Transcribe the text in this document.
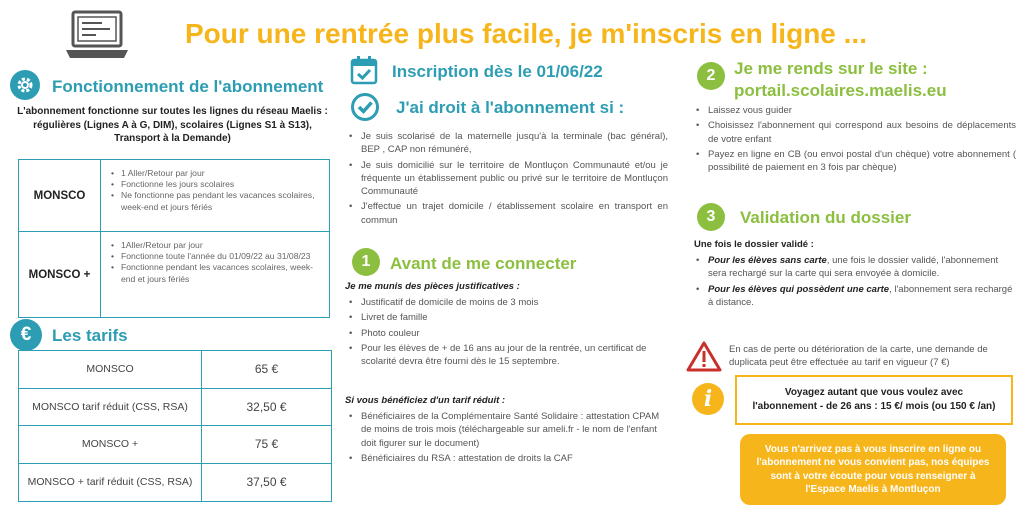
Pour une rentrée plus facile, je m'inscris en ligne ...
Fonctionnement de l'abonnement
L'abonnement fonctionne sur toutes les lignes du réseau Maelis : régulières (Lignes A à G, DIM), scolaires (Lignes S1 à S13), Transport à la Demande)
MONSCO
• 1 Aller/Retour par jour
• Fonctionne les jours scolaires
• Ne fonctionne pas pendant les vacances scolaires, week-end et jours fériés
MONSCO +
• 1Aller/Retour par jour
• Fonctionne toute l'année du 01/09/22 au 31/08/23
• Fonctionne pendant les vacances scolaires, week-end et jours fériés
€	Les tarifs
MONSCO	65 €
MONSCO tarif réduit (CSS, RSA)	32,50 €
MONSCO +	75 €
MONSCO + tarif réduit (CSS, RSA)	37,50 €
Inscription dès le 01/06/22
J'ai droit à l'abonnement si :
• Je suis scolarisé de la maternelle jusqu'à la terminale (bac général), BEP , CAP non rémunéré,
• Je suis domicilié sur le territoire de Montluçon Communauté et/ou je fréquente un établissement public ou privé sur le territoire de Montluçon Communauté
• J'effectue un trajet domicile / établissement scolaire en transport en commun
1	Avant de me connecter
Je me munis des pièces justificatives :
• Justificatif de domicile de moins de 3 mois
• Livret de famille
• Photo couleur
• Pour les élèves de + de 16 ans au jour de la rentrée, un certificat de scolarité devra être fourni dès le 15 septembre.
Si vous bénéficiez d'un tarif réduit :
• Bénéficiaires de la Complémentaire Santé Solidaire : attestation CPAM de moins de trois mois (téléchargeable sur ameli.fr - le nom de l'enfant doit figurer sur le document)
• Bénéficiaires du RSA : attestation de droits la CAF
2	Je me rends sur le site :
portail.scolaires.maelis.eu
• Laissez vous guider
• Choisissez l'abonnement qui correspond aux besoins de déplacements de votre enfant
• Payez en ligne en CB (ou envoi postal d'un chèque) votre abonnement ( possibilité de paiement en 3 fois par chèque)
3	Validation du dossier
Une fois le dossier validé :
• Pour les élèves sans carte, une fois le dossier validé, l'abonnement sera rechargé sur la carte qui sera envoyée à domicile.
• Pour les élèves qui possèdent une carte, l'abonnement sera rechargé à distance.
En cas de perte ou détérioration de la carte, une demande de duplicata peut être effectuée au tarif en vigueur (7 €)
i	Voyagez autant que vous voulez avec
l'abonnement - de 26 ans : 15 €/ mois (ou 150 € /an)
Vous n'arrivez pas à vous inscrire en ligne ou l'abonnement ne vous convient pas, nos équipes sont à votre écoute pour vous renseigner à l'Espace Maelis à Montluçon
